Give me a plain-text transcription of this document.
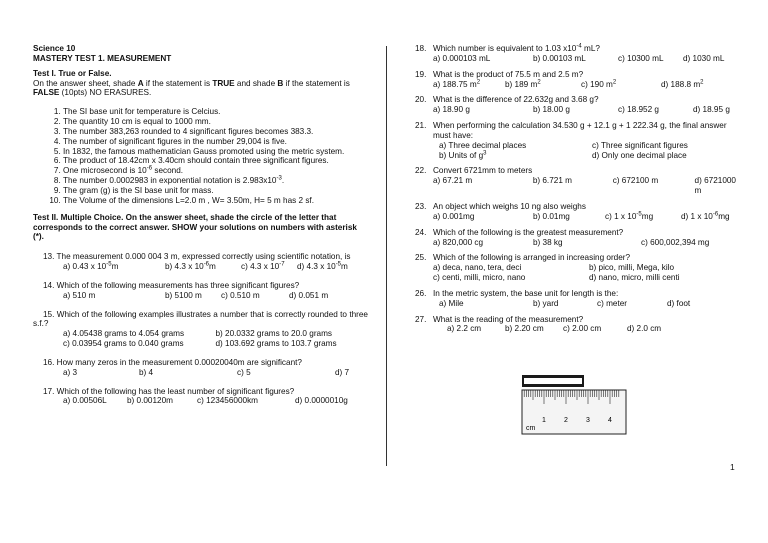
Science 10
MASTERY TEST 1. MEASUREMENT
Test I. True or False.
On the answer sheet, shade A if the statement is TRUE and shade B if the statement is FALSE (10pts) NO ERASURES.
1. The SI base unit for temperature is Celcius.
2. The quantity 10 cm is equal to 1000 mm.
3. The number 383,263 rounded to 4 significant figures becomes 383.3.
4. The number of significant figures in the number 29,004 is five.
5. In 1832, the famous mathematician Gauss promoted using the metric system.
6. The product of 18.42cm x 3.40cm should contain three significant figures.
7. One microsecond is $10^{-6}$ second.
8. The number 0.0002983 in exponential notation is $2.983x10^{-3}$.
9. The gram (g) is the SI base unit for mass.
10. The Volume of the dimensions L=2.0 m , W= 3.50m, H= 5 m has 2 sf.
Test II. Multiple Choice. On the answer sheet, shade the circle of the letter that corresponds to the correct answer. SHOW your solutions on numbers with asterisk (*).
13. The measurement 0.000 004 3 m, expressed correctly using scientific notation, is
a) 0.43 x $10^{-5}m$	b) 4.3 x $10^{-6}m$	c) 4.3 x $10^{-7}$	d) 4.3 x $10^{-5}m$
14. Which of the following measurements has three significant figures?
a) 510 m	b) 5100 m	c) 0.510 m	d) 0.051 m
15. Which of the following examples illustrates a number that is correctly rounded to three s.f.?
a) 4.05438 grams to 4.054 grams	b) 20.0332 grams to 20.0 grams
c) 0.03954 grams to 0.040 grams	d) 103.692 grams to 103.7 grams
16. How many zeros in the measurement 0.00020040m are significant?
a) 3	b) 4	c) 5	d) 7
17. Which of the following has the least number of significant figures?
a) 0.00506L	b) 0.00120m	c) 123456000km	d) 0.0000010g
18. Which number is equivalent to 1.03 $x10^{-4}$ mL?
a) 0.000103 mL	b) 0.00103 mL	c) 10300 mL	d) 1030 mL
19. What is the product of 75.5 m and 2.5 m?
a) 188.75 $m^2$	b) 189 $m^2$	c) 190 $m^2$	d) 188.8 $m^2$
20. What is the difference of 22.632g and 3.68 g?
a) 18.90 g	b) 18.00 g	c) 18.952 g	d) 18.95 g
21. When performing the calculation 34.530 g + 12.1 g + 1 222.34 g, the final answer must have:
a) Three decimal places	c) Three significant figures
b) Units of $g^3$	d) Only one decimal place
22. Convert 6721mm to meters
a) 67.21 m	b) 6.721 m	c) 672100 m	d) 6721000 m
23. An object which weighs 10 ng also weighs
a) 0.001mg	b) 0.01mg	c) 1 x $10^{-5}mg$	d) 1 x $10^{-6}mg$
24. Which of the following is the greatest measurement?
a) 820,000 cg	b) 38 kg	c) 600,002,394 mg
25. Which of the following is arranged in increasing order?
a) deca, nano, tera, deci	b) pico, milli, Mega, kilo
c) centi, milli, micro, nano	d) nano, micro, milli centi
26. In the metric system, the base unit for length is the:
a) Mile	b) yard	c) meter	d) foot
27. What is the reading of the measurement?
a) 2.2 cm	b) 2.20 cm	c) 2.00 cm	d) 2.0 cm
1	2	3	4
cm
1
